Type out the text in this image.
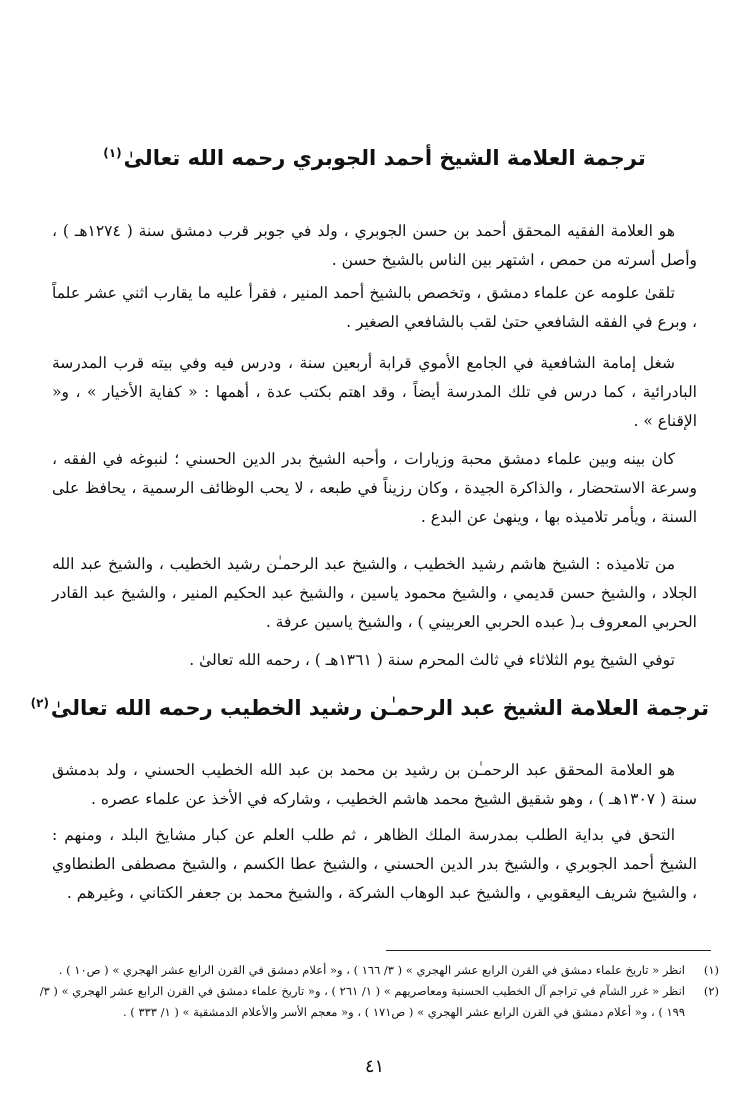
ترجمة العلامة الشيخ أحمد الجوبري رحمه الله تعالىٰ$^{(١)}$

هو العلامة الفقيه المحقق أحمد بن حسن الجوبري ، ولد في جوبر قرب دمشق سنة ( ١٢٧٤هـ ) ، وأصل أسرته من حمص ، اشتهر بين الناس بالشيخ حسن .

تلقىٰ علومه عن علماء دمشق ، وتخصص بالشيخ أحمد المنير ، فقرأ عليه ما يقارب اثني عشر علماً ، وبرع في الفقه الشافعي حتىٰ لقب بالشافعي الصغير .

شغل إمامة الشافعية في الجامع الأموي قرابة أربعين سنة ، ودرس فيه وفي بيته قرب المدرسة البادرائية ، كما درس في تلك المدرسة أيضاً ، وقد اهتم بكتب عدة ، أهمها : « كفاية الأخيار » ، و« الإقناع » .

كان بينه وبين علماء دمشق محبة وزيارات ، وأحبه الشيخ بدر الدين الحسني ؛ لنبوغه في الفقه ، وسرعة الاستحضار ، والذاكرة الجيدة ، وكان رزيناً في طبعه ، لا يحب الوظائف الرسمية ، يحافظ على السنة ، ويأمر تلاميذه بها ، وينهىٰ عن البدع .

من تلاميذه : الشيخ هاشم رشيد الخطيب ، والشيخ عبد الرحمـٰن رشيد الخطيب ، والشيخ عبد الله الجلاد ، والشيخ حسن قديمي ، والشيخ محمود ياسين ، والشيخ عبد الحكيم المنير ، والشيخ عبد القادر الحربي المعروف بـ( عبده الحربي العربيني ) ، والشيخ ياسين عرفة .

توفي الشيخ يوم الثلاثاء في ثالث المحرم سنة ( ١٣٦١هـ ) ، رحمه الله تعالىٰ .

ترجمة العلامة الشيخ عبد الرحمـٰن رشيد الخطيب رحمه الله تعالىٰ$^{(٢)}$

هو العلامة المحقق عبد الرحمـٰن بن رشيد بن محمد بن عبد الله الخطيب الحسني ، ولد بدمشق سنة ( ١٣٠٧هـ ) ، وهو شقيق الشيخ محمد هاشم الخطيب ، وشاركه في الأخذ عن علماء عصره .

التحق في بداية الطلب بمدرسة الملك الظاهر ، ثم طلب العلم عن كبار مشايخ البلد ، ومنهم : الشيخ أحمد الجوبري ، والشيخ بدر الدين الحسني ، والشيخ عطا الكسم ، والشيخ مصطفى الطنطاوي ، والشيخ شريف اليعقوبي ، والشيخ عبد الوهاب الشركة ، والشيخ محمد بن جعفر الكتاني ، وغيرهم .

(١)
انظر « تاريخ علماء دمشق في القرن الرابع عشر الهجري » ( ٣/ ١٦٦ ) ، و« أعلام دمشق في القرن الرابع عشر الهجري » ( ص١٠ ) .
(٢)
انظر « غرر الشآم في تراجم آل الخطيب الحسنية ومعاصريهم » ( ١/ ٢٦١ ) ، و« تاريخ علماء دمشق في القرن الرابع عشر الهجري » ( ٣/ ١٩٩ ) ، و« أعلام دمشق في القرن الرابع عشر الهجري » ( ص١٧١ ) ، و« معجم الأسر والأعلام الدمشقية » ( ١/ ٣٣٣ ) .
٤١
